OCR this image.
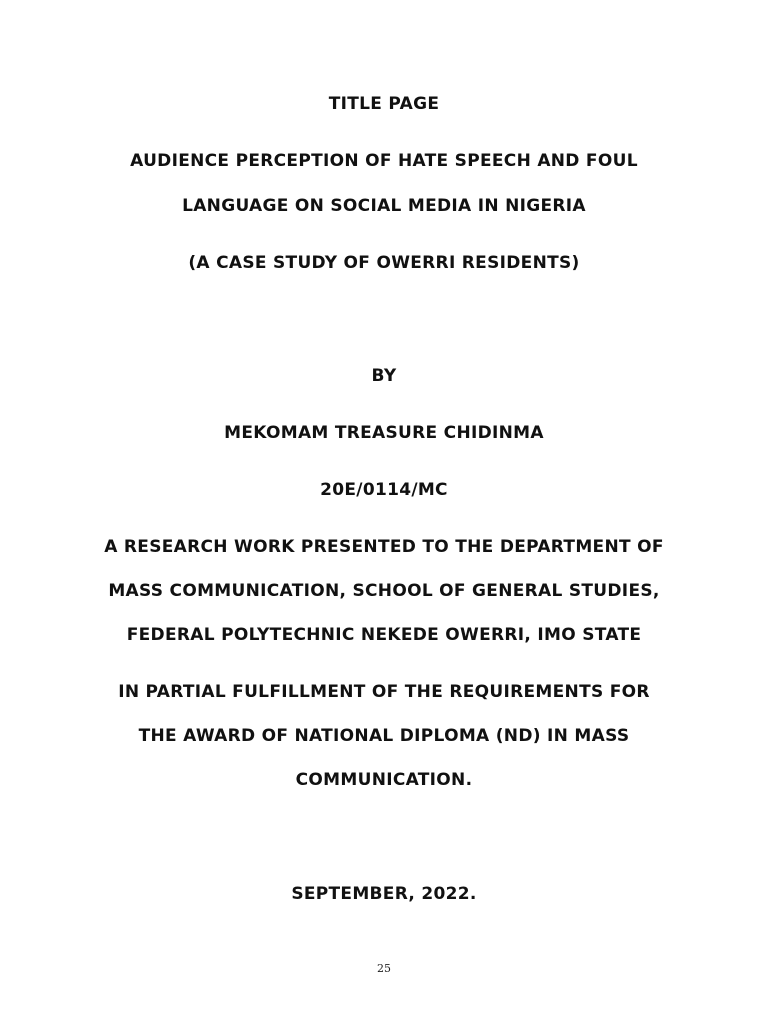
TITLE PAGE
AUDIENCE PERCEPTION OF HATE SPEECH AND FOUL
LANGUAGE ON SOCIAL MEDIA IN NIGERIA
(A CASE STUDY OF OWERRI RESIDENTS)
BY
MEKOMAM TREASURE CHIDINMA
20E/0114/MC
A RESEARCH WORK PRESENTED TO THE DEPARTMENT OF
MASS COMMUNICATION, SCHOOL OF GENERAL STUDIES,
FEDERAL POLYTECHNIC NEKEDE OWERRI, IMO STATE
IN PARTIAL FULFILLMENT OF THE REQUIREMENTS FOR
THE AWARD OF NATIONAL DIPLOMA (ND) IN MASS
COMMUNICATION.
SEPTEMBER, 2022.
25
